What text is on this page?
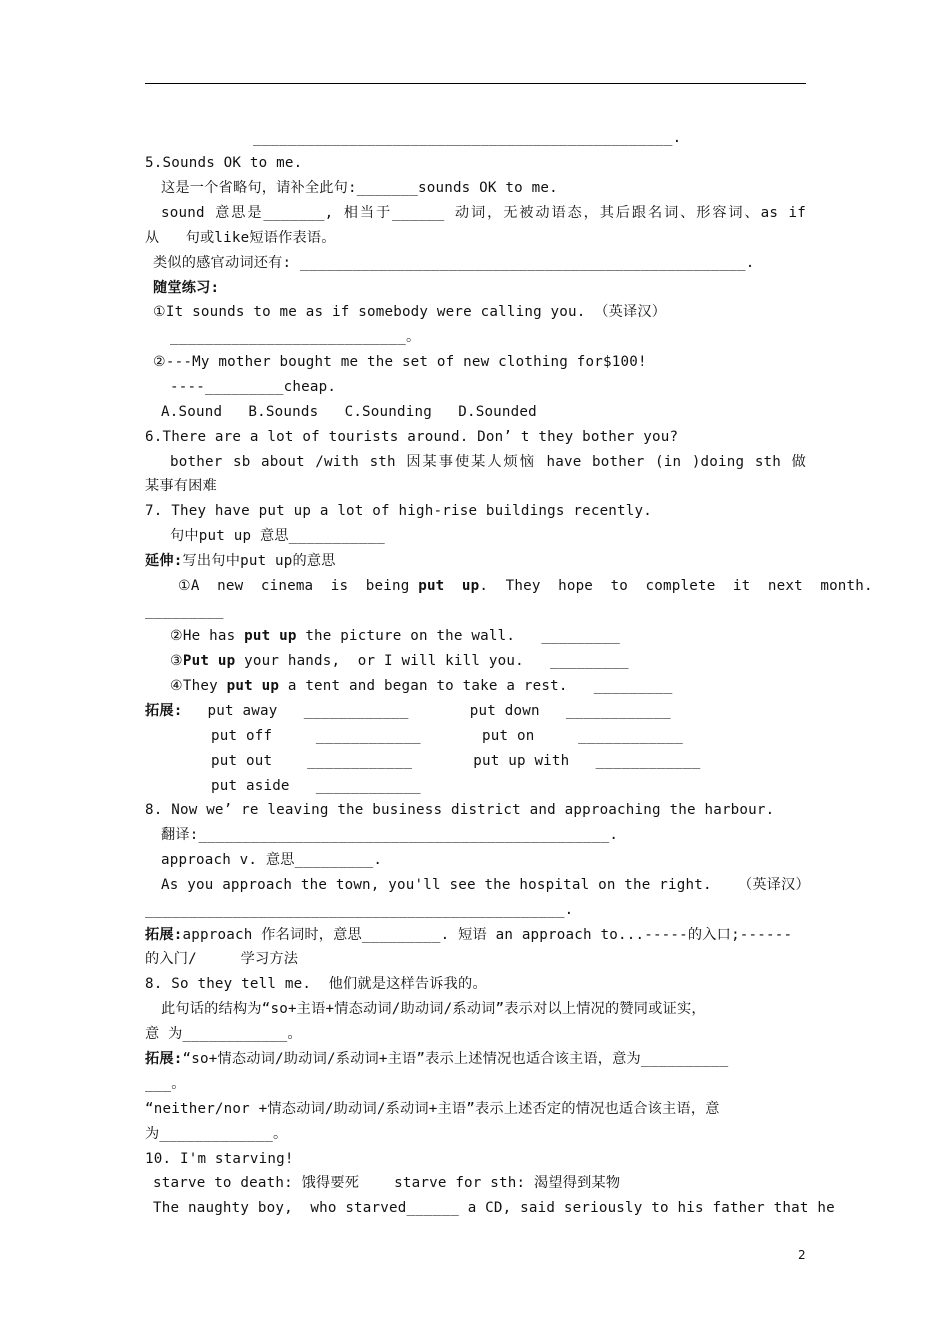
________________________________________________.
5.Sounds OK to me.
这是一个省略句，请补全此句:_______sounds OK to me.
sound 意思是_______, 相当于______ 动词，无被动语态，其后跟名词、形容词、as if
从   句或like短语作表语。
类似的感官动词还有: ___________________________________________________.
随堂练习:
①It sounds to me as if somebody were calling you. （英译汉）
___________________________。
②---My mother bought me the set of new clothing for$100!
----_________cheap.
A.Sound   B.Sounds   C.Sounding   D.Sounded
6.There are a lot of tourists around. Don’ t they bother you?
bother sb about /with sth 因某事使某人烦恼 have bother (in )doing sth 做
某事有困难
7. They have put up a lot of high-rise buildings recently.
句中put up 意思___________
延伸:写出句中put up的意思
①A  new  cinema  is  being put  up.  They  hope  to  complete  it  next  month.
_________
②He has put up the picture on the wall.   _________
③Put up your hands,  or I will kill you.   _________
④They put up a tent and began to take a rest.   _________
拓展: put away   ____________       put down   ____________
put off     ____________       put on     ____________
put out    ____________       put up with   ____________
put aside   ____________
8. Now we’ re leaving the business district and approaching the harbour.
翻译:_______________________________________________.
approach v. 意思_________.
As you approach the town, you'll see the hospital on the right.   （英译汉）
________________________________________________.
拓展:approach 作名词时，意思_________. 短语 an approach to...-----的入口;------
的入门/     学习方法
8. So they tell me.  他们就是这样告诉我的。
此句话的结构为“so+主语+情态动词/助动词/系动词”表示对以上情况的赞同或证实，
意 为____________。
拓展:“so+情态动词/助动词/系动词+主语”表示上述情况也适合该主语，意为__________
___。
“neither/nor +情态动词/助动词/系动词+主语”表示上述否定的情况也适合该主语，意
为_____________。
10. I'm starving!
starve to death: 饿得要死    starve for sth: 渴望得到某物
The naughty boy,  who starved______ a CD, said seriously to his father that he
2
